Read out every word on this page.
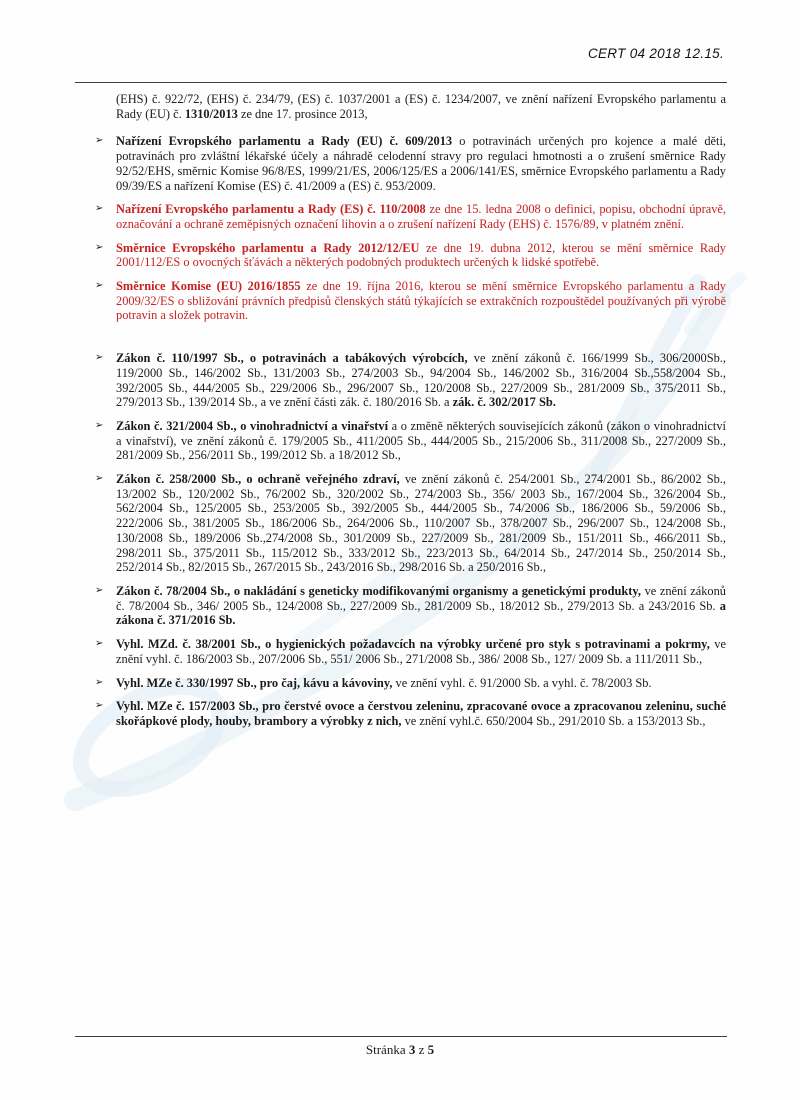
CERT 04 2018 12.15.

(EHS) č. 922/72, (EHS) č. 234/79, (ES) č. 1037/2001 a (ES) č. 1234/2007, ve znění nařízení Evropského parlamentu a Rady (EU) č. 1310/2013 ze dne 17. prosince 2013,

➢	Nařízení Evropského parlamentu a Rady (EU) č. 609/2013 o potravinách určených pro kojence a malé děti, potravinách pro zvláštní lékařské účely a náhradě celodenní stravy pro regulaci hmotnosti a o zrušení směrnice Rady 92/52/EHS, směrnic Komise 96/8/ES, 1999/21/ES, 2006/125/ES a 2006/141/ES, směrnice Evropského parlamentu a Rady 09/39/ES a nařízení Komise (ES) č. 41/2009 a (ES) č. 953/2009.
➢	Nařízení Evropského parlamentu a Rady (ES) č. 110/2008 ze dne 15. ledna 2008 o definici, popisu, obchodní úpravě, označování a ochraně zeměpisných označení lihovin a o zrušení nařízení Rady (EHS) č. 1576/89, v platném znění.
➢	Směrnice Evropského parlamentu a Rady 2012/12/EU ze dne 19. dubna 2012, kterou se mění směrnice Rady 2001/112/ES o ovocných šťávách a některých podobných produktech určených k lidské spotřebě.
➢	Směrnice Komise (EU) 2016/1855 ze dne 19. října 2016, kterou se mění směrnice Evropského parlamentu a Rady 2009/32/ES o sbližování právních předpisů členských států týkajících se extrakčních rozpouštědel používaných při výrobě potravin a složek potravin.
➢	Zákon č. 110/1997 Sb., o potravinách a tabákových výrobcích, ve znění zákonů č. 166/1999 Sb., 306/2000Sb., 119/2000 Sb., 146/2002 Sb., 131/2003 Sb., 274/2003 Sb., 94/2004 Sb., 146/2002 Sb., 316/2004 Sb.,558/2004 Sb., 392/2005 Sb., 444/2005 Sb., 229/2006 Sb., 296/2007 Sb., 120/2008 Sb., 227/2009 Sb., 281/2009 Sb., 375/2011 Sb., 279/2013 Sb., 139/2014 Sb., a ve znění části zák. č. 180/2016 Sb. a zák. č. 302/2017 Sb.
➢	Zákon č. 321/2004 Sb., o vinohradnictví a vinařství a o změně některých souvisejících zákonů (zákon o vinohradnictví a vinařství), ve znění zákonů č. 179/2005 Sb., 411/2005 Sb., 444/2005 Sb., 215/2006 Sb., 311/2008 Sb., 227/2009 Sb., 281/2009 Sb., 256/2011 Sb., 199/2012 Sb. a 18/2012 Sb.,
➢	Zákon č. 258/2000 Sb., o ochraně veřejného zdraví, ve znění zákonů č. 254/2001 Sb., 274/2001 Sb., 86/2002 Sb., 13/2002 Sb., 120/2002 Sb., 76/2002 Sb., 320/2002 Sb., 274/2003 Sb., 356/ 2003 Sb., 167/2004 Sb., 326/2004 Sb., 562/2004 Sb., 125/2005 Sb., 253/2005 Sb., 392/2005 Sb., 444/2005 Sb., 74/2006 Sb., 186/2006 Sb., 59/2006 Sb., 222/2006 Sb., 381/2005 Sb., 186/2006 Sb., 264/2006 Sb., 110/2007 Sb., 378/2007 Sb., 296/2007 Sb., 124/2008 Sb., 130/2008 Sb., 189/2006 Sb.,274/2008 Sb., 301/2009 Sb., 227/2009 Sb., 281/2009 Sb., 151/2011 Sb., 466/2011 Sb., 298/2011 Sb., 375/2011 Sb., 115/2012 Sb., 333/2012 Sb., 223/2013 Sb., 64/2014 Sb., 247/2014 Sb., 250/2014 Sb., 252/2014 Sb., 82/2015 Sb., 267/2015 Sb., 243/2016 Sb., 298/2016 Sb. a 250/2016 Sb.,
➢	Zákon č. 78/2004 Sb., o nakládání s geneticky modifikovanými organismy a genetickými produkty, ve znění zákonů č. 78/2004 Sb., 346/ 2005 Sb., 124/2008 Sb., 227/2009 Sb., 281/2009 Sb., 18/2012 Sb., 279/2013 Sb. a 243/2016 Sb. a zákona č. 371/2016 Sb.
➢	Vyhl. MZd. č. 38/2001 Sb., o hygienických požadavcích na výrobky určené pro styk s potravinami a pokrmy, ve znění vyhl. č. 186/2003 Sb., 207/2006 Sb., 551/ 2006 Sb., 271/2008 Sb., 386/ 2008 Sb., 127/ 2009 Sb. a 111/2011 Sb.,
➢	Vyhl. MZe č. 330/1997 Sb., pro čaj, kávu a kávoviny, ve znění vyhl. č. 91/2000 Sb. a vyhl. č. 78/2003 Sb.
➢	Vyhl. MZe č. 157/2003 Sb., pro čerstvé ovoce a čerstvou zeleninu, zpracované ovoce a zpracovanou zeleninu, suché skořápkové plody, houby, brambory a výrobky z nich, ve znění vyhl.č. 650/2004 Sb., 291/2010 Sb. a 153/2013 Sb.,
Stránka 3 z 5
